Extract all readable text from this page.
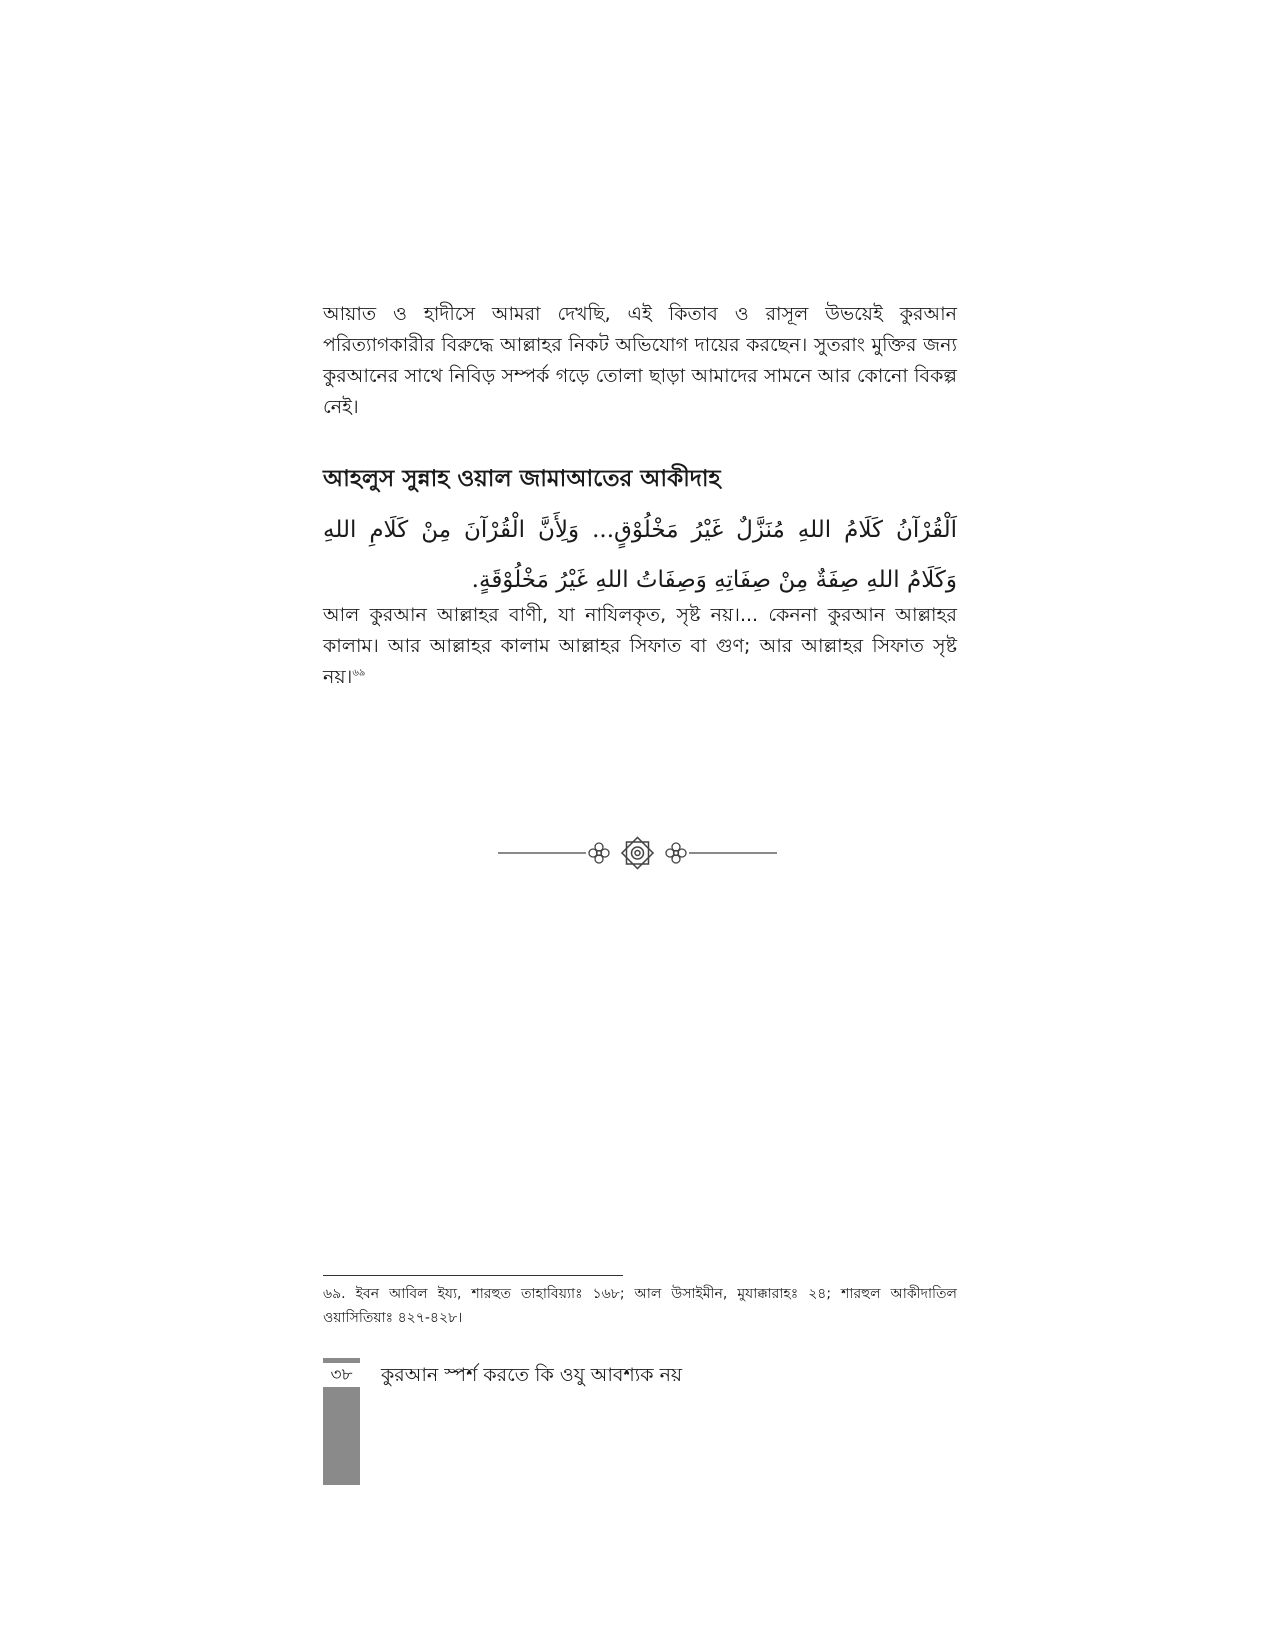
আয়াত ও হাদীসে আমরা দেখছি, এই কিতাব ও রাসূল উভয়েই কুরআন পরিত্যাগকারীর বিরুদ্ধে আল্লাহর নিকট অভিযোগ দায়ের করছেন। সুতরাং মুক্তির জন্য কুরআনের সাথে নিবিড় সম্পর্ক গড়ে তোলা ছাড়া আমাদের সামনে আর কোনো বিকল্প নেই।

আহলুস সুন্নাহ ওয়াল জামাআতের আকীদাহ

اَلْقُرْآنُ كَلَامُ اللهِ مُنَزَّلٌ غَيْرُ مَخْلُوْقٍ... وَلِأَنَّ الْقُرْآنَ مِنْ كَلَامِ اللهِ وَكَلَامُ اللهِ صِفَةٌ مِنْ صِفَاتِهِ وَصِفَاتُ اللهِ غَيْرُ مَخْلُوْقَةٍ.

আল কুরআন আল্লাহর বাণী, যা নাযিলকৃত, সৃষ্ট নয়।... কেননা কুরআন আল্লাহর কালাম। আর আল্লাহর কালাম আল্লাহর সিফাত বা গুণ; আর আল্লাহর সিফাত সৃষ্ট নয়।$^{৬৯}$

৬৯. ইবন আবিল ইয্য, শারহুত তাহাবিয়্যাঃ ১৬৮; আল উসাইমীন, মুযাক্কারাহঃ ২৪; শারহুল আকীদাতিল ওয়াসিতিয়াঃ ৪২৭-৪২৮।

৩৮	কুরআন স্পর্শ করতে কি ওযু আবশ্যক নয়
